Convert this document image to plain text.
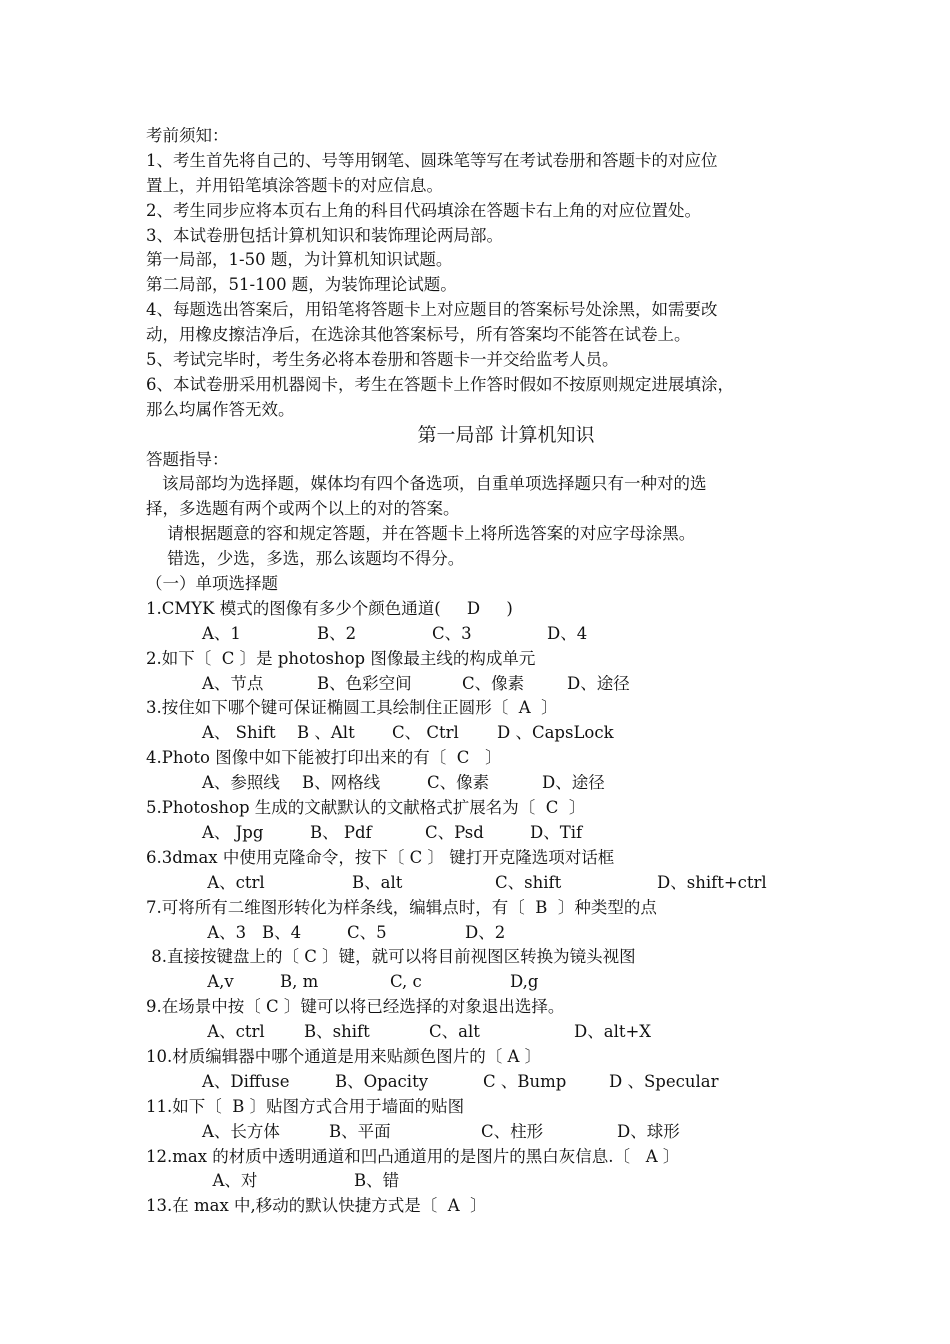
考前须知：
1、考生首先将自己的、号等用钢笔、圆珠笔等写在考试卷册和答题卡的对应位
置上，并用铅笔填涂答题卡的对应信息。
2、考生同步应将本页右上角的科目代码填涂在答题卡右上角的对应位置处。
3、本试卷册包括计算机知识和装饰理论两局部。
第一局部，1-50 题，为计算机知识试题。
第二局部，51-100 题，为装饰理论试题。
4、每题选出答案后，用铅笔将答题卡上对应题目的答案标号处涂黑，如需要改
动，用橡皮擦洁净后，在选涂其他答案标号，所有答案均不能答在试卷上。
5、考试完毕时，考生务必将本卷册和答题卡一并交给监考人员。
6、本试卷册采用机器阅卡，考生在答题卡上作答时假如不按原则规定进展填涂，
那么均属作答无效。
第一局部 计算机知识
答题指导：
该局部均为选择题，媒体均有四个备选项，自重单项选择题只有一种对的选
择，多选题有两个或两个以上的对的答案。
请根据题意的容和规定答题，并在答题卡上将所选答案的对应字母涂黑。
错选，少选，多选，那么该题均不得分。
（一）单项选择题
1.CMYK 模式的图像有多少个颜色通道(     D     )
A、1	B、2	C、3	D、4
2.如下〔  C 〕是 photoshop 图像最主线的构成单元
A、节点	B、色彩空间	C、像素	D、途径
3.按住如下哪个键可保证椭圆工具绘制住正圆形〔  A  〕
A、 Shift	B 、Alt	C、 Ctrl	D 、CapsLock
4.Photo 图像中如下能被打印出来的有〔  C   〕
A、参照线	B、网格线	C、像素	D、途径
5.Photoshop 生成的文献默认的文献格式扩展名为〔  C  〕
A、 Jpg	B、 Pdf	C、Psd	D、Tif
6.3dmax 中使用克隆命令，按下〔 C 〕 键打开克隆选项对话框
A、ctrl	B、alt	C、shift	D、shift+ctrl
7.可将所有二维图形转化为样条线，编辑点时，有〔  B  〕种类型的点
A、3 B、4	C、5	D、2
8.直接按键盘上的〔 C 〕键，就可以将目前视图区转换为镜头视图
A,v	B, m	C, c	D,g
9.在场景中按〔 C 〕键可以将已经选择的对象退出选择。
A、ctrl	B、shift	C、alt	D、alt+X
10.材质编辑器中哪个通道是用来贴颜色图片的〔 A 〕
A、Diffuse	B、Opacity	C 、Bump	D 、Specular
11.如下〔  B 〕贴图方式合用于墙面的贴图
A、长方体	B、平面	C、柱形	D、球形
12.max 的材质中透明通道和凹凸通道用的是图片的黑白灰信息.〔   A 〕
A、对	B、错
13.在 max 中,移动的默认快捷方式是〔  A  〕
